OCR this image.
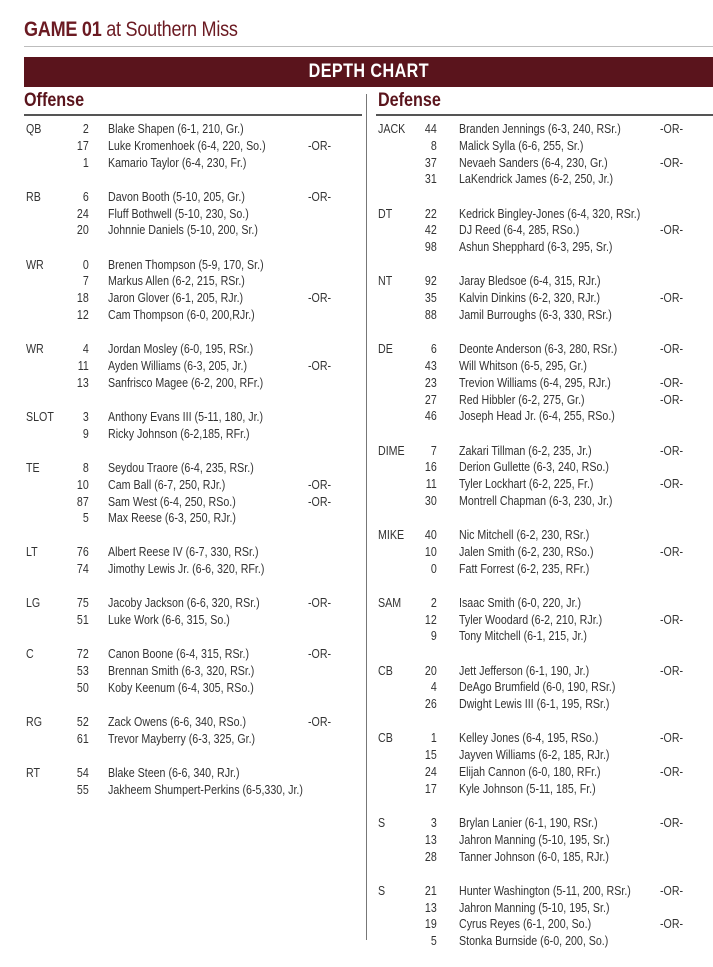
GAME 01 at Southern Miss
DEPTH CHART
Offense	Defense
QB	2 Blake Shapen (6-1, 210, Gr.)
17 Luke Kromenhoek (6-4, 220, So.)	-OR-
1 Kamario Taylor (6-4, 230, Fr.)
RB	6 Davon Booth (5-10, 205, Gr.)	-OR-
24 Fluff Bothwell (5-10, 230, So.)
20 Johnnie Daniels (5-10, 200, Sr.)
WR	0 Brenen Thompson (5-9, 170, Sr.)
7 Markus Allen (6-2, 215, RSr.)
18 Jaron Glover (6-1, 205, RJr.)	-OR-
12 Cam Thompson (6-0, 200,RJr.)
WR	4 Jordan Mosley (6-0, 195, RSr.)
11 Ayden Williams (6-3, 205, Jr.)	-OR-
13 Sanfrisco Magee (6-2, 200, RFr.)
SLOT	3 Anthony Evans III (5-11, 180, Jr.)
9 Ricky Johnson (6-2,185, RFr.)
TE	8 Seydou Traore (6-4, 235, RSr.)
10 Cam Ball (6-7, 250, RJr.)	-OR-
87 Sam West (6-4, 250, RSo.)	-OR-
5 Max Reese (6-3, 250, RJr.)
LT	76 Albert Reese IV (6-7, 330, RSr.)
74 Jimothy Lewis Jr. (6-6, 320, RFr.)
LG	75 Jacoby Jackson (6-6, 320, RSr.)	-OR-
51 Luke Work (6-6, 315, So.)
C	72 Canon Boone (6-4, 315, RSr.)	-OR-
53 Brennan Smith (6-3, 320, RSr.)
50 Koby Keenum (6-4, 305, RSo.)
RG	52 Zack Owens (6-6, 340, RSo.)	-OR-
61 Trevor Mayberry (6-3, 325, Gr.)
RT	54 Blake Steen (6-6, 340, RJr.)
55 Jakheem Shumpert-Perkins (6-5,330, Jr.)
JACK 44 Branden Jennings (6-3, 240, RSr.)	-OR-
8 Malick Sylla (6-6, 255, Sr.)
37 Nevaeh Sanders (6-4, 230, Gr.)	-OR-
31 LaKendrick James (6-2, 250, Jr.)
DT	22 Kedrick Bingley-Jones (6-4, 320, RSr.)
42 DJ Reed (6-4, 285, RSo.)	-OR-
98 Ashun Shepphard (6-3, 295, Sr.)
NT	92 Jaray Bledsoe (6-4, 315, RJr.)
35 Kalvin Dinkins (6-2, 320, RJr.)	-OR-
88 Jamil Burroughs (6-3, 330, RSr.)
DE	6 Deonte Anderson (6-3, 280, RSr.)	-OR-
43 Will Whitson (6-5, 295, Gr.)
23 Trevion Williams (6-4, 295, RJr.)	-OR-
27 Red Hibbler (6-2, 275, Gr.)	-OR-
46 Joseph Head Jr. (6-4, 255, RSo.)
DIME	7 Zakari Tillman (6-2, 235, Jr.)	-OR-
16 Derion Gullette (6-3, 240, RSo.)
11 Tyler Lockhart (6-2, 225, Fr.)	-OR-
30 Montrell Chapman (6-3, 230, Jr.)
MIKE 40 Nic Mitchell (6-2, 230, RSr.)
10 Jalen Smith (6-2, 230, RSo.)	-OR-
0 Fatt Forrest (6-2, 235, RFr.)
SAM	2 Isaac Smith (6-0, 220, Jr.)
12 Tyler Woodard (6-2, 210, RJr.)	-OR-
9 Tony Mitchell (6-1, 215, Jr.)
CB 20 Jett Jefferson (6-1, 190, Jr.)	-OR-
4 DeAgo Brumfield (6-0, 190, RSr.)
26 Dwight Lewis III (6-1, 195, RSr.)
CB	1 Kelley Jones (6-4, 195, RSo.)	-OR-
15 Jayven Williams (6-2, 185, RJr.)
24 Elijah Cannon (6-0, 180, RFr.)	-OR-
17 Kyle Johnson (5-11, 185, Fr.)
S	3 Brylan Lanier (6-1, 190, RSr.)	-OR-
13 Jahron Manning (5-10, 195, Sr.)
28 Tanner Johnson (6-0, 185, RJr.)
S	21 Hunter Washington (5-11, 200, RSr.) -OR-
13 Jahron Manning (5-10, 195, Sr.)
19 Cyrus Reyes (6-1, 200, So.)	-OR-
5 Stonka Burnside (6-0, 200, So.)
